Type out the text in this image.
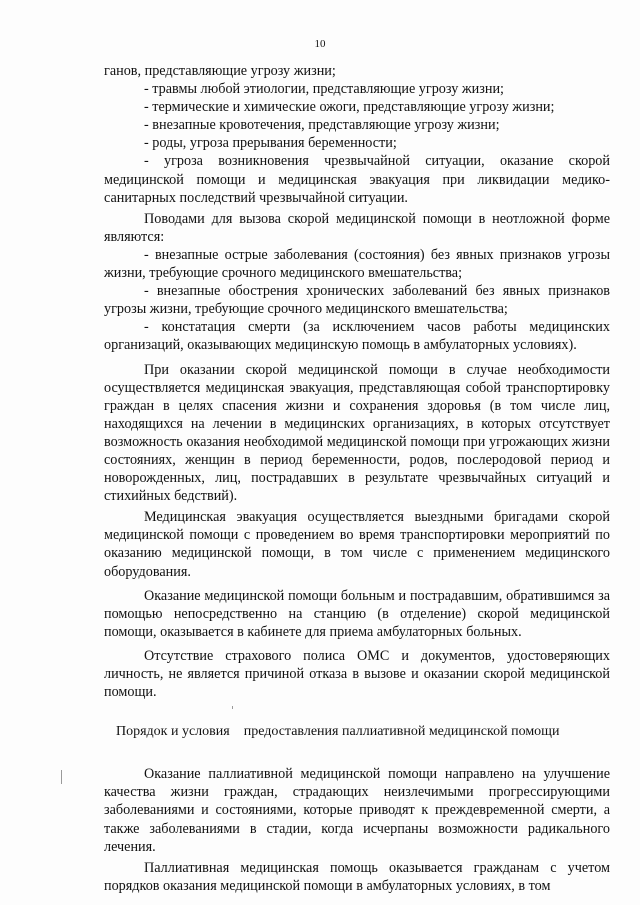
10

ганов, представляющие угрозу жизни;

- травмы любой этиологии, представляющие угрозу жизни;

- термические и химические ожоги, представляющие угрозу жизни;

- внезапные кровотечения, представляющие угрозу жизни;

- роды, угроза прерывания беременности;

- угроза возникновения чрезвычайной ситуации, оказание скорой медицинской помощи и медицинская эвакуация при ликвидации медико-санитарных последствий чрезвычайной ситуации.

Поводами для вызова скорой медицинской помощи в неотложной форме являются:

- внезапные острые заболевания (состояния) без явных признаков угрозы жизни, требующие срочного медицинского вмешательства;

- внезапные обострения хронических заболеваний без явных признаков угрозы жизни, требующие срочного медицинского вмешательства;

- констатация смерти (за исключением часов работы медицинских организаций, оказывающих медицинскую помощь в амбулаторных условиях).

При оказании скорой медицинской помощи в случае необходимости осуществляется медицинская эвакуация, представляющая собой транспортировку граждан в целях спасения жизни и сохранения здоровья (в том числе лиц, находящихся на лечении в медицинских организациях, в которых отсутствует возможность оказания необходимой медицинской помощи при угрожающих жизни состояниях, женщин в период беременности, родов, послеродовой период и новорожденных, лиц, пострадавших в результате чрезвычайных ситуаций и стихийных бедствий).

Медицинская эвакуация осуществляется выездными бригадами скорой медицинской помощи с проведением во время транспортировки мероприятий по оказанию медицинской помощи, в том числе с применением медицинского оборудования.

Оказание медицинской помощи больным и пострадавшим, обратившимся за помощью непосредственно на станцию (в отделение) скорой медицинской помощи, оказывается в кабинете для приема амбулаторных больных.

Отсутствие страхового полиса ОМС и документов, удостоверяющих личность, не является причиной отказа в вызове и оказании скорой медицинской помощи.

Порядок и условия    предоставления паллиативной медицинской помощи

Оказание паллиативной медицинской помощи направлено на улучшение качества жизни граждан, страдающих неизлечимыми прогрессирующими заболеваниями и состояниями, которые приводят к преждевременной смерти, а также заболеваниями в стадии, когда исчерпаны возможности радикального лечения.

Паллиативная медицинская помощь оказывается гражданам с учетом порядков оказания медицинской помощи в амбулаторных условиях, в том
